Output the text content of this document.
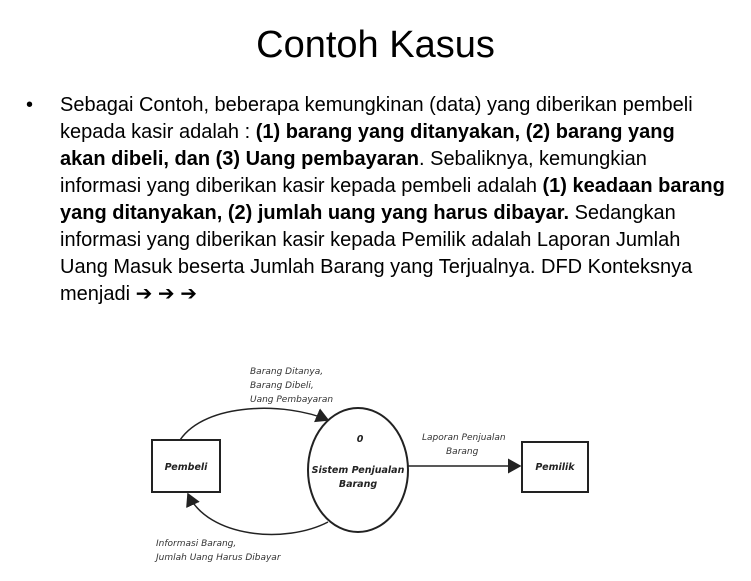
Contoh Kasus
• Sebagai Contoh, beberapa kemungkinan (data) yang diberikan pembeli kepada kasir adalah : (1) barang yang ditanyakan, (2) barang yang akan dibeli, dan (3) Uang pembayaran. Sebaliknya, kemungkian informasi yang diberikan kasir kepada pembeli adalah (1) keadaan barang yang ditanyakan, (2) jumlah uang yang harus dibayar. Sedangkan informasi yang diberikan kasir kepada Pemilik adalah Laporan Jumlah Uang Masuk beserta Jumlah Barang yang Terjualnya. DFD Konteksnya menjadi ➔ ➔ ➔
Pembeli	Pemilik
0
Sistem Penjualan
Barang
Barang Ditanya,
Barang Dibeli,
Uang Pembayaran
Laporan Penjualan
Barang
Informasi Barang,
Jumlah Uang Harus Dibayar
